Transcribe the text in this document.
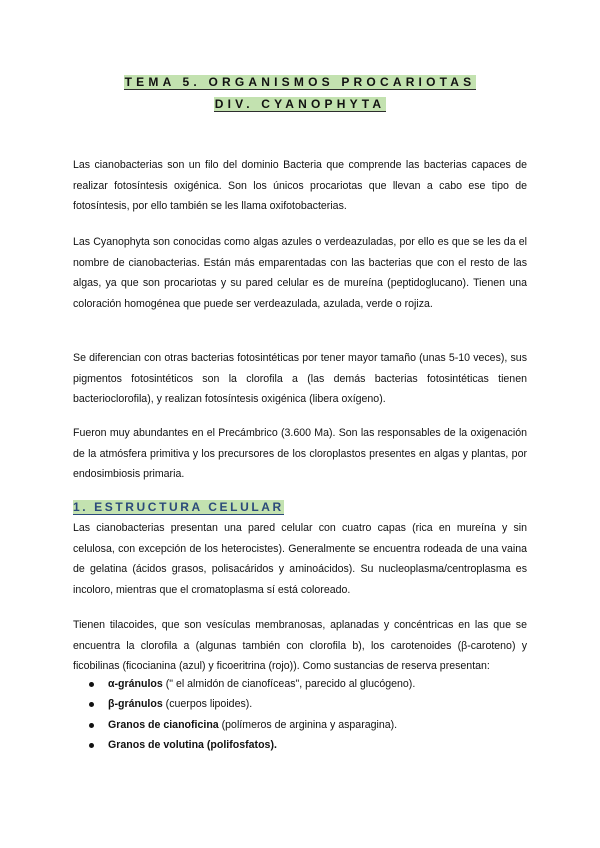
TEMA 5. ORGANISMOS PROCARIOTAS
DIV. CYANOPHYTA

Las cianobacterias son un filo del dominio Bacteria que comprende las bacterias capaces de realizar fotosíntesis oxigénica. Son los únicos procariotas que llevan a cabo ese tipo de fotosíntesis, por ello también se les llama oxifotobacterias.

Las Cyanophyta son conocidas como algas azules o verdeazuladas, por ello es que se les da el nombre de cianobacterias. Están más emparentadas con las bacterias que con el resto de las algas, ya que son procariotas y su pared celular es de mureína (peptidoglucano). Tienen una coloración homogénea que puede ser verdeazulada, azulada, verde o rojiza.

Se diferencian con otras bacterias fotosintéticas por tener mayor tamaño (unas 5-10 veces), sus pigmentos fotosintéticos son la clorofila a (las demás bacterias fotosintéticas tienen bacterioclorofila), y realizan fotosíntesis oxigénica (libera oxígeno).

Fueron muy abundantes en el Precámbrico (3.600 Ma). Son las responsables de la oxigenación de la atmósfera primitiva y los precursores de los cloroplastos presentes en algas y plantas, por endosimbiosis primaria.

1. ESTRUCTURA CELULAR

Las cianobacterias presentan una pared celular con cuatro capas (rica en mureína y sin celulosa, con excepción de los heterocistes). Generalmente se encuentra rodeada de una vaina de gelatina (ácidos grasos, polisacáridos y aminoácidos). Su nucleoplasma/centroplasma es incoloro, mientras que el cromatoplasma sí está coloreado.

Tienen tilacoides, que son vesículas membranosas, aplanadas y concéntricas en las que se encuentra la clorofila a (algunas también con clorofila b), los carotenoides (β-caroteno) y ficobilinas (ficocianina (azul) y ficoeritrina (rojo)). Como sustancias de reserva presentan:

α-gránulos (" el almidón de cianofíceas", parecido al glucógeno).
β-gránulos (cuerpos lipoides).
Granos de cianoficina (polímeros de arginina y asparagina).
Granos de volutina (polifosfatos).
